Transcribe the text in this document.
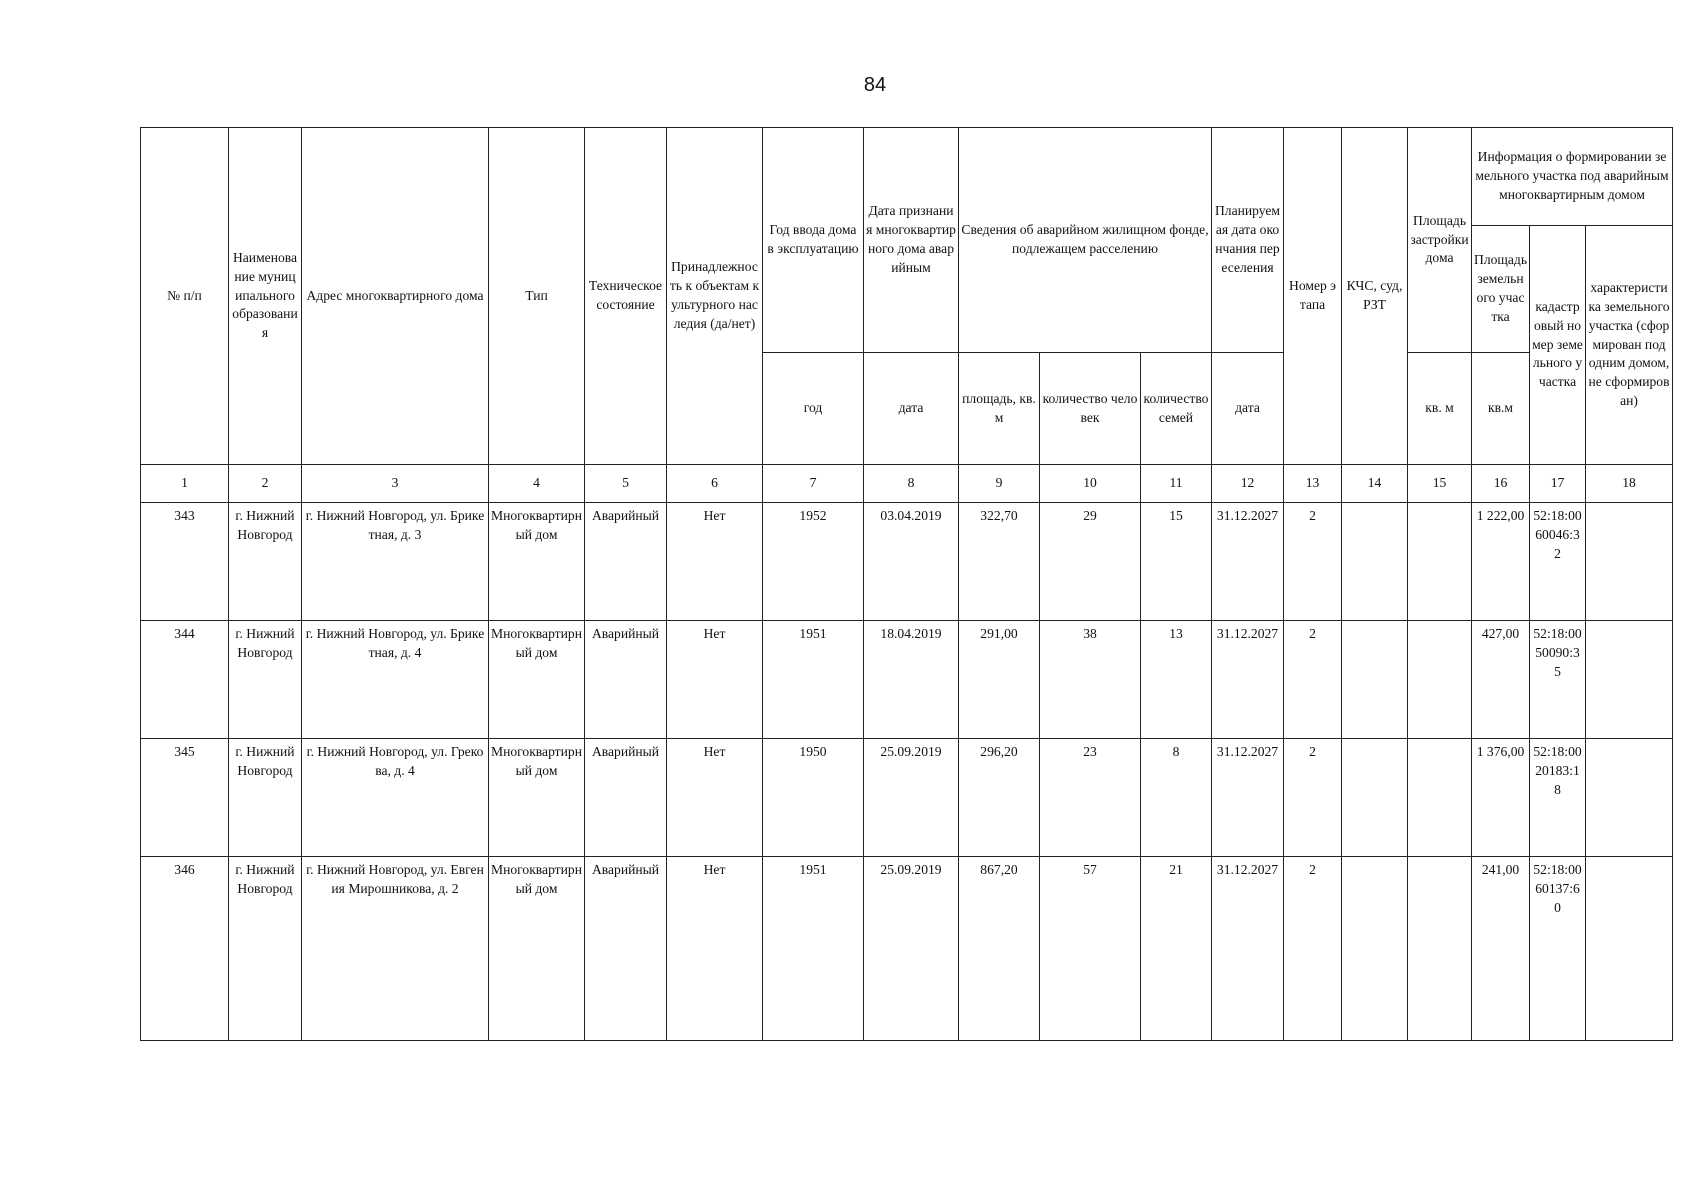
84
№ п/п	Наименование муниципального образования	Адрес многоквартирного дома	Тип	Техническое состояние	Принадлежность к объектам культурного наследия (да/нет)	Год ввода дома в эксплуатацию	Дата признания многоквартирного дома аварийным	Сведения об аварийном жилищном фонде, подлежащем расселению			Планируемая дата окончания переселения	Номер этапа	КЧС, суд, РЗТ	Площадь застройки дома	Информация о формировании земельного участка под аварийным многоквартирным домом		
															Площадь земельного участка	кадастровый номер земельного участка	характеристика земельного участка (сформирован под одним домом, не сформирован)
						год	дата	площадь, кв.м	количество человек	количество семей	дата			кв. м	кв.м		
1	2	3	4	5	6	7	8	9	10	11	12	13	14	15	16	17	18
343	г. Нижний Новгород	г. Нижний Новгород, ул. Брикетная, д. 3	Многоквартирный дом	Аварийный	Нет	1952	03.04.2019	322,70	29	15	31.12.2027	2			1 222,00	52:18:0060046:32	
344	г. Нижний Новгород	г. Нижний Новгород, ул. Брикетная, д. 4	Многоквартирный дом	Аварийный	Нет	1951	18.04.2019	291,00	38	13	31.12.2027	2			427,00	52:18:0050090:35	
345	г. Нижний Новгород	г. Нижний Новгород, ул. Грекова, д. 4	Многоквартирный дом	Аварийный	Нет	1950	25.09.2019	296,20	23	8	31.12.2027	2			1 376,00	52:18:0020183:18	
346	г. Нижний Новгород	г. Нижний Новгород, ул. Евгения Мирошникова, д. 2	Многоквартирный дом	Аварийный	Нет	1951	25.09.2019	867,20	57	21	31.12.2027	2			241,00	52:18:0060137:60	
